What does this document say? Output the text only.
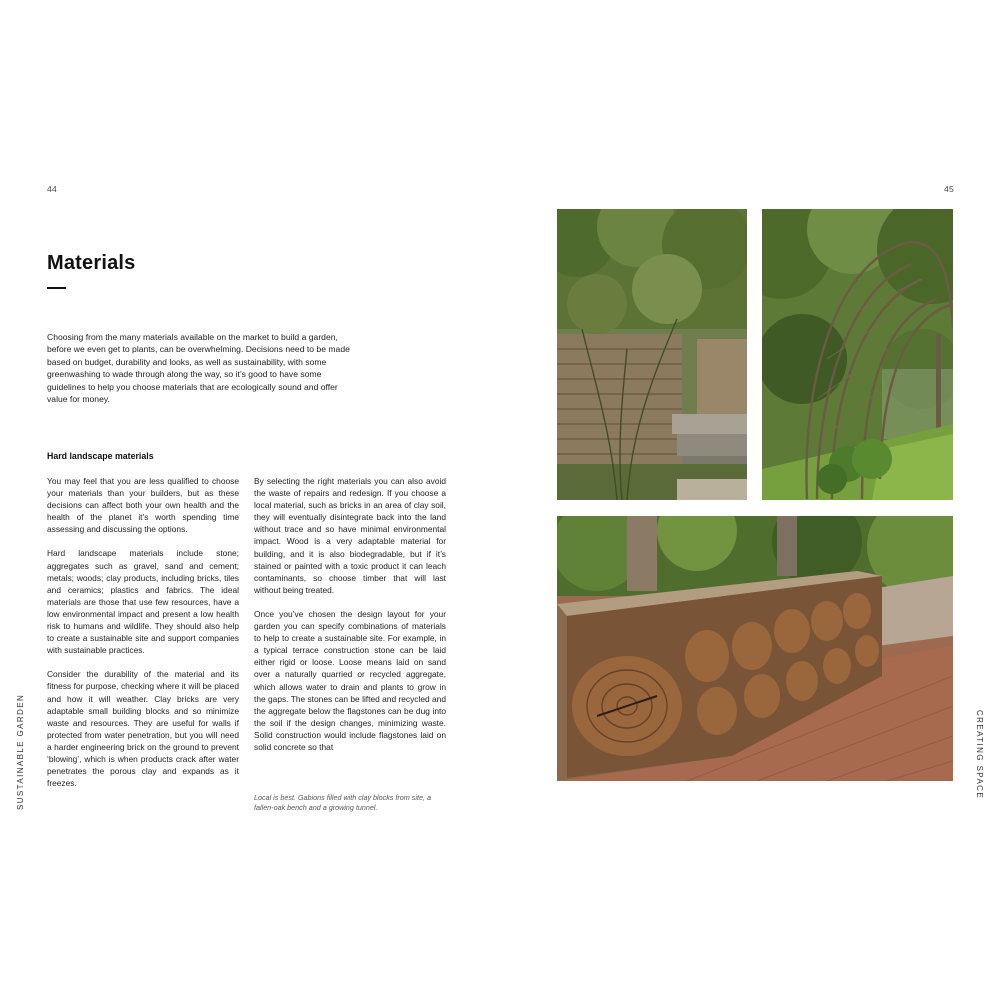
44	45
SUSTAINABLE GARDEN	CREATING SPACE
Materials

Choosing from the many materials available on the market to build a garden, before we even get to plants, can be overwhelming. Decisions need to be made based on budget, durability and looks, as well as sustainability, with some greenwashing to wade through along the way, so it’s good to have some guidelines to help you choose materials that are ecologically sound and offer value for money.

Hard landscape materials

You may feel that you are less qualified to choose your materials than your builders, but as these decisions can affect both your own health and the health of the planet it’s worth spending time assessing and discussing the options.

Hard landscape materials include stone; aggregates such as gravel, sand and cement; metals; woods; clay products, including bricks, tiles and ceramics; plastics and fabrics. The ideal materials are those that use few resources, have a low environmental impact and present a low health risk to humans and wildlife. They should also help to create a sustainable site and support companies with sustainable practices.

Consider the durability of the material and its fitness for purpose, checking where it will be placed and how it will weather. Clay bricks are very adaptable small building blocks and so minimize waste and resources. They are useful for walls if protected from water penetration, but you will need a harder engineering brick on the ground to prevent ‘blowing’, which is when products crack after water penetrates the porous clay and expands as it freezes.

By selecting the right materials you can also avoid the waste of repairs and redesign. If you choose a local material, such as bricks in an area of clay soil, they will eventually disintegrate back into the land without trace and so have minimal environmental impact. Wood is a very adaptable material for building, and it is also biodegradable, but if it’s stained or painted with a toxic product it can leach contaminants, so choose timber that will last without being treated.

Once you’ve chosen the design layout for your garden you can specify combinations of materials to help to create a sustainable site. For example, in a typical terrace construction stone can be laid either rigid or loose. Loose means laid on sand over a naturally quarried or recycled aggregate, which allows water to drain and plants to grow in the gaps. The stones can be lifted and recycled and the aggregate below the flagstones can be dug into the soil if the design changes, minimizing waste. Solid construction would include flagstones laid on solid concrete so that

Local is best. Gabions filled with clay blocks from site, a fallen-oak bench and a growing tunnel.
